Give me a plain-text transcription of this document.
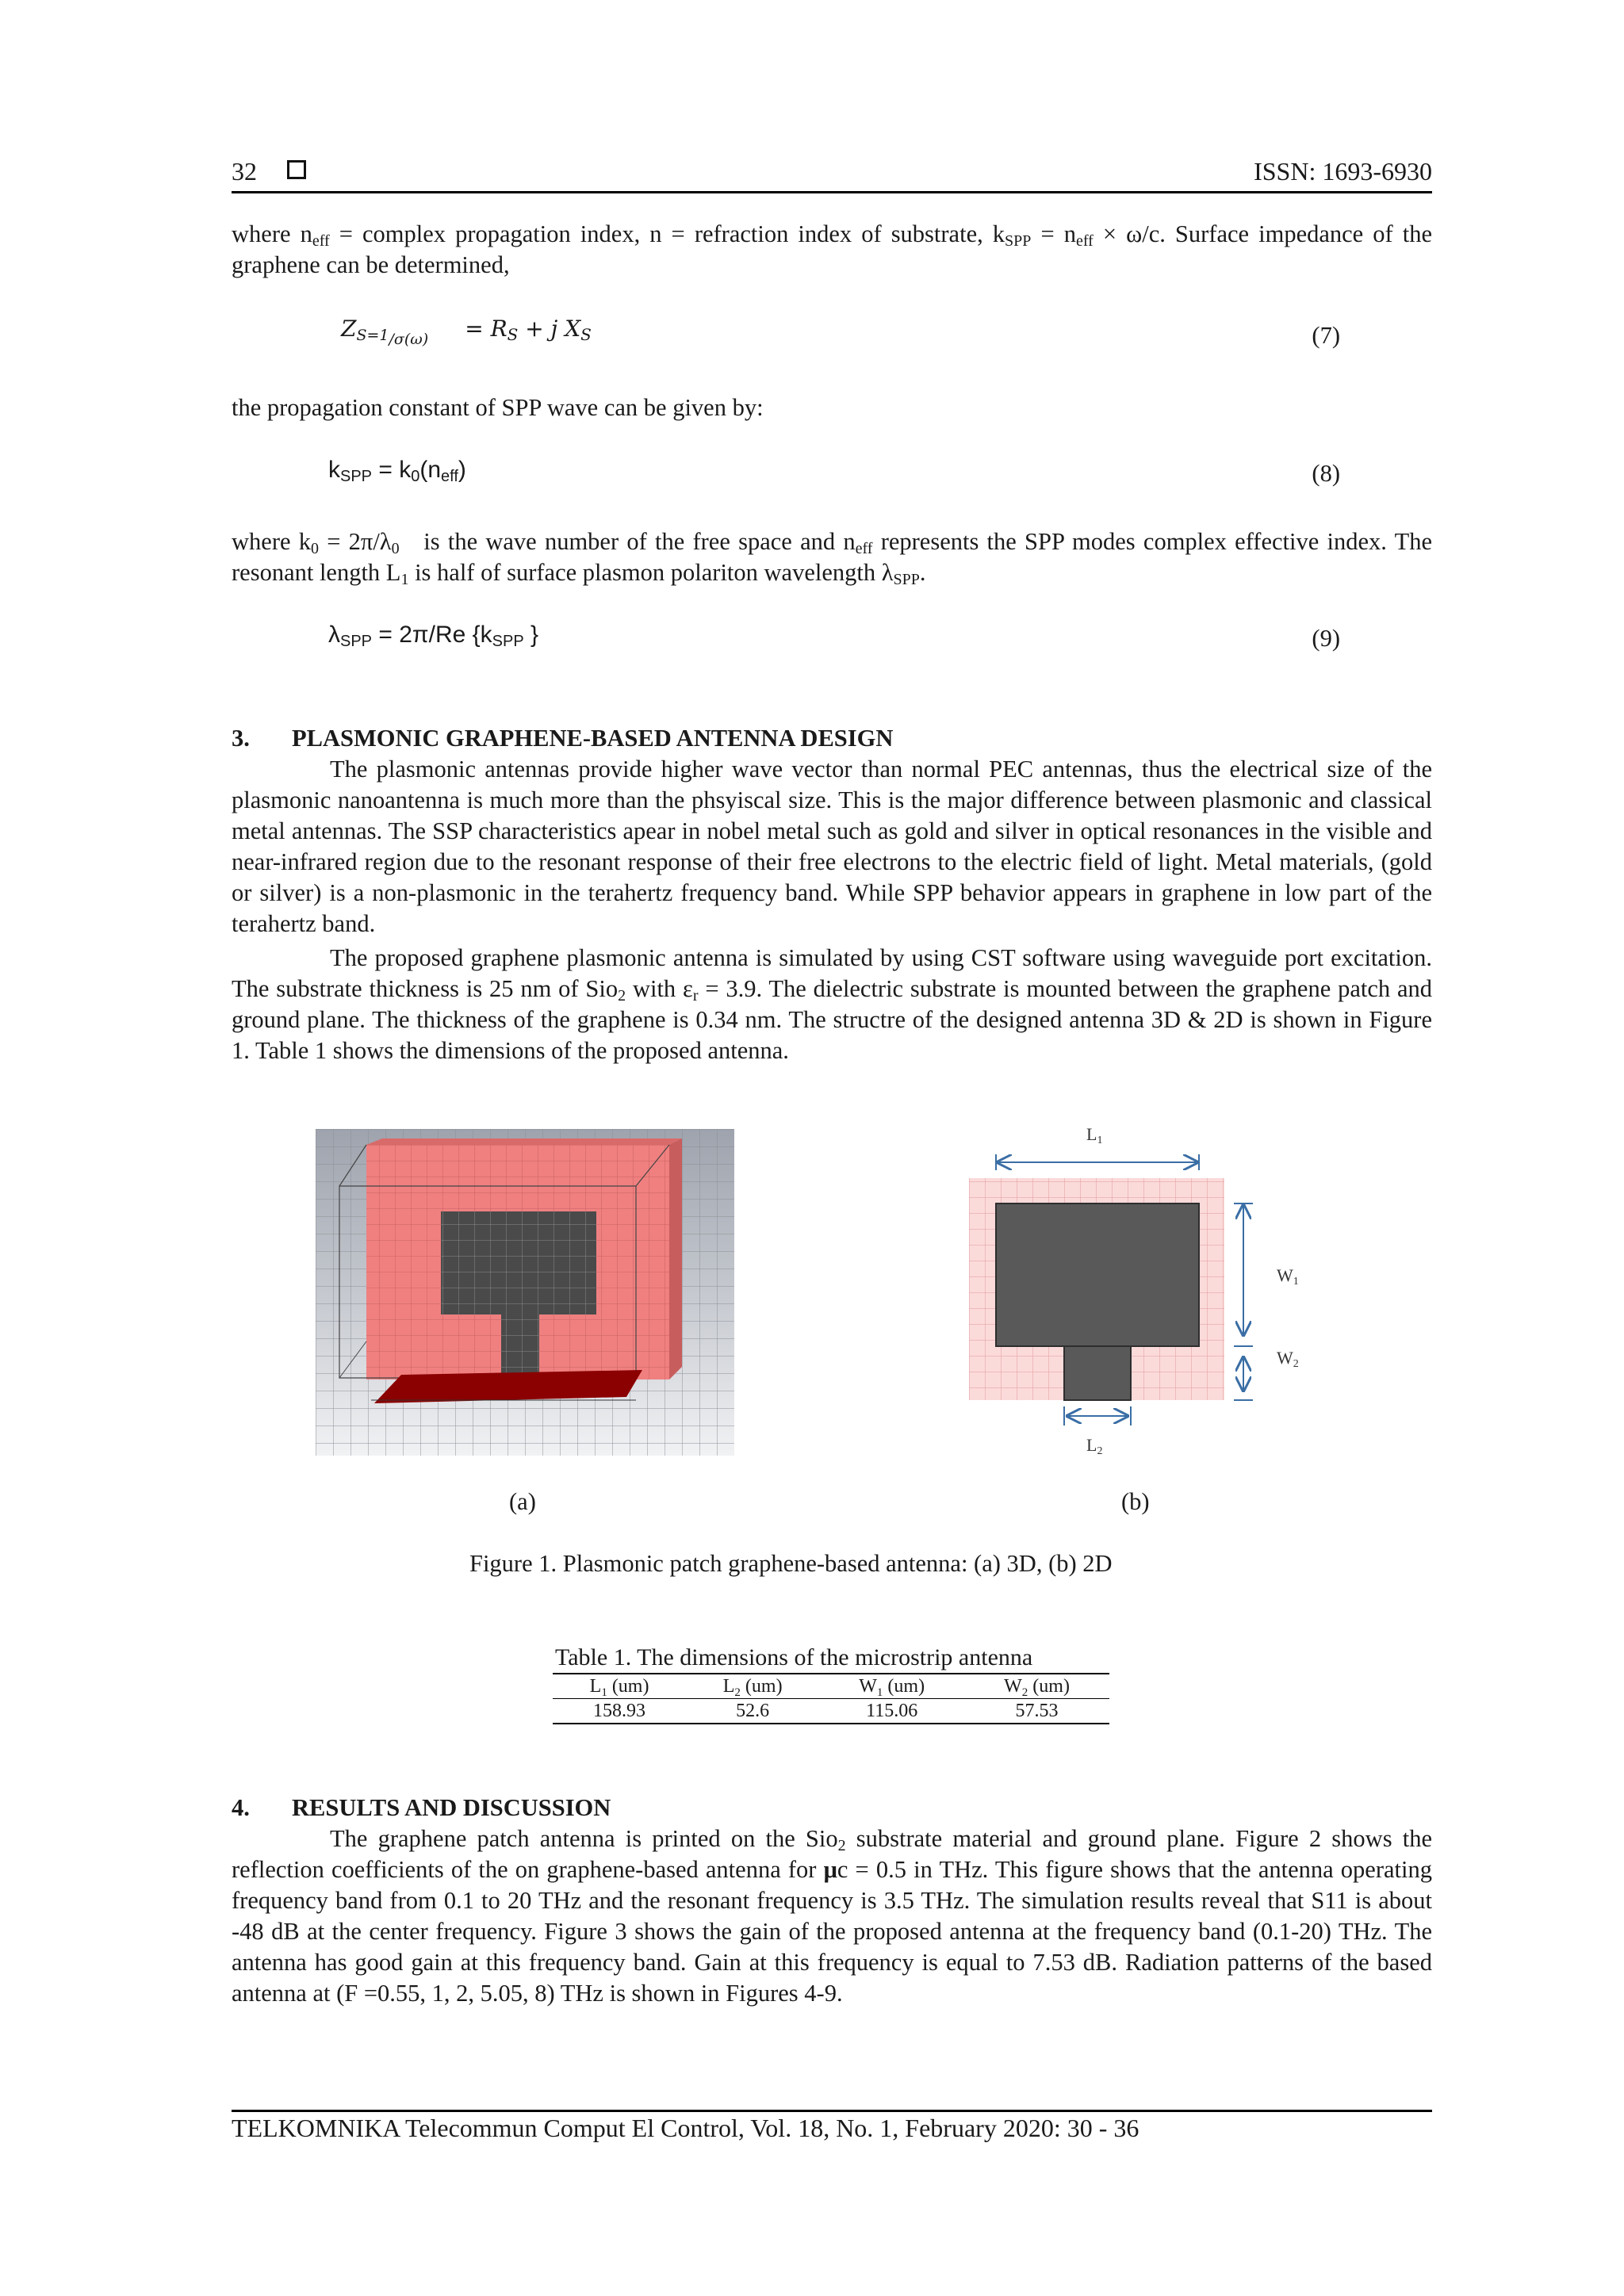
32	ISSN: 1693-6930
where $n_{eff}$ = complex propagation index, n = refraction index of substrate, $k_{SPP} = n_{eff} \times \omega/c$. Surface impedance of the graphene can be determined,
$Z_{S=1/\sigma(\omega)} = R_S + j$ $X_S$	(7)
the propagation constant of SPP wave can be given by:
$k_{SPP} = k_0(n_{eff})$	(8)
where $k_0 = 2\pi/\lambda_0$   is the wave number of the free space and $n_{eff}$ represents the SPP modes complex effective index. The resonant length $L_1$ is half of surface plasmon polariton wavelength $\lambda_{SPP}$.
$\lambda_{SPP} = 2\pi/Re$ {$k_{SPP}$ }	(9)
3. PLASMONIC GRAPHENE-BASED ANTENNA DESIGN
The plasmonic antennas provide higher wave vector than normal PEC antennas, thus the electrical size of the plasmonic nanoantenna is much more than the phsyiscal size. This is the major difference between plasmonic and classical metal antennas. The SSP characteristics apear in nobel metal such as gold and silver in optical resonances in the visible and near-infrared region due to the resonant response of their free electrons to the electric field of light. Metal materials, (gold or silver) is a non-plasmonic in the terahertz frequency band. While SPP behavior appears in graphene in low part of the terahertz band.
The proposed graphene plasmonic antenna is simulated by using CST software using waveguide port excitation. The substrate thickness is 25 nm of Sio$_2$ with $\varepsilon_r = 3.9$. The dielectric substrate is mounted between the graphene patch and ground plane. The thickness of the graphene is 0.34 nm. The structre of the designed antenna 3D & 2D is shown in Figure 1. Table 1 shows the dimensions of the proposed antenna.
(a)
L1
W1
W2
L2
(b)
Figure 1. Plasmonic patch graphene-based antenna: (a) 3D, (b) 2D
Table 1. The dimensions of the microstrip antenna
$L_1$ (um)	$L_2$ (um)	$W_1$ (um)	$W_2$ (um)
158.93	52.6	115.06	57.53
4. RESULTS AND DISCUSSION
The graphene patch antenna is printed on the Sio$_2$ substrate material and ground plane. Figure 2 shows the reflection coefficients of the on graphene-based antenna for μc = 0.5 in THz. This figure shows that the antenna operating frequency band from 0.1 to 20 THz and the resonant frequency is 3.5 THz. The simulation results reveal that S11 is about -48 dB at the center frequency. Figure 3 shows the gain of the proposed antenna at the frequency band (0.1-20) THz. The antenna has good gain at this frequency band. Gain at this frequency is equal to 7.53 dB. Radiation patterns of the based antenna at (F =0.55, 1, 2, 5.05, 8) THz is shown in Figures 4-9.
TELKOMNIKA Telecommun Comput El Control, Vol. 18, No. 1, February 2020: 30 - 36
